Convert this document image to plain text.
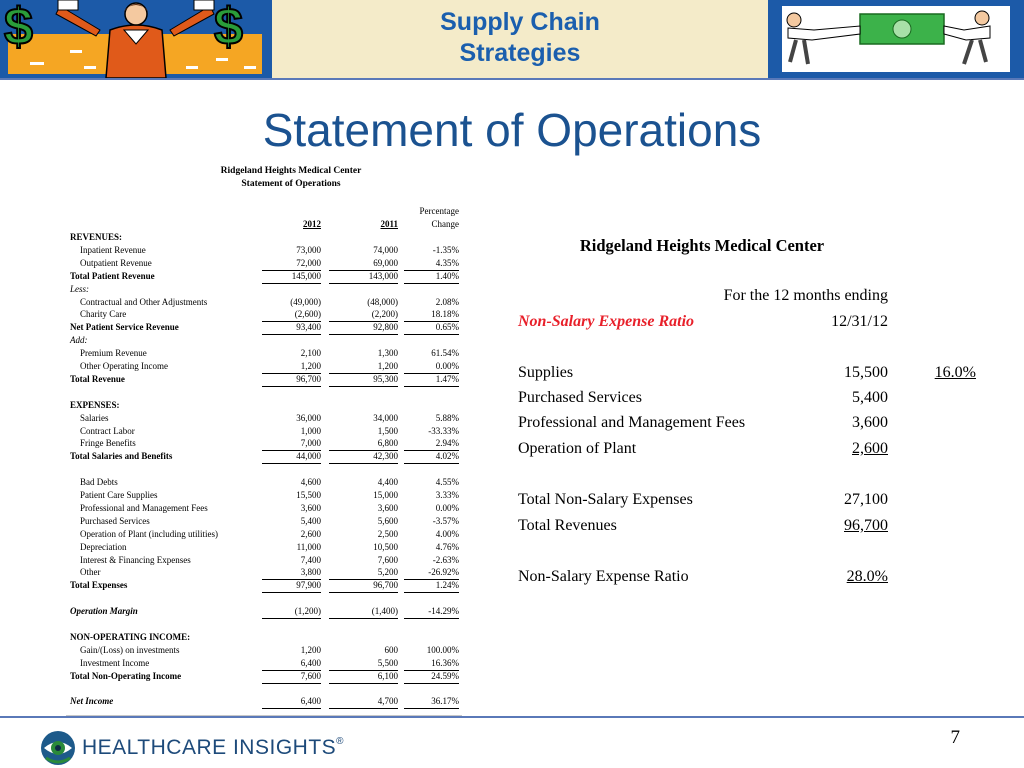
$	$	Supply Chain
Strategies
Statement of Operations
Ridgeland Heights Medical Center
Statement of Operations
Percentage
2012	2011	Change
REVENUES:
Inpatient Revenue	73,000	74,000	-1.35%
Outpatient Revenue	72,000	69,000	4.35%
Total Patient Revenue	145,000	143,000	1.40%
Less:
Contractual and Other Adjustments	(49,000)	(48,000)	2.08%
Charity Care	(2,600)	(2,200)	18.18%
Net Patient Service Revenue	93,400	92,800	0.65%
Add:
Premium Revenue	2,100	1,300	61.54%
Other Operating Income	1,200	1,200	0.00%
Total Revenue	96,700	95,300	1.47%
EXPENSES:
Salaries	36,000	34,000	5.88%
Contract Labor	1,000	1,500	-33.33%
Fringe Benefits	7,000	6,800	2.94%
Total Salaries and Benefits	44,000	42,300	4.02%
Bad Debts	4,600	4,400	4.55%
Patient Care Supplies	15,500	15,000	3.33%
Professional and Management Fees	3,600	3,600	0.00%
Purchased Services	5,400	5,600	-3.57%
Operation of Plant (including utilities)	2,600	2,500	4.00%
Depreciation	11,000	10,500	4.76%
Interest & Financing Expenses	7,400	7,600	-2.63%
Other	3,800	5,200	-26.92%
Total Expenses	97,900	96,700	1.24%
Operation Margin	(1,200)	(1,400)	-14.29%
NON-OPERATING INCOME:
Gain/(Loss) on investments	1,200	600	100.00%
Investment Income	6,400	5,500	16.36%
Total Non-Operating Income	7,600	6,100	24.59%
Net Income	6,400	4,700	36.17%
Ridgeland Heights Medical Center
For the 12 months ending
Non-Salary Expense Ratio	12/31/12
Supplies	15,500	16.0%
Purchased Services	5,400
Professional and Management Fees	3,600
Operation of Plant	2,600
Total Non-Salary Expenses	27,100
Total Revenues	96,700
Non-Salary Expense Ratio	28.0%
HEALTHCARE INSIGHTS®	7
